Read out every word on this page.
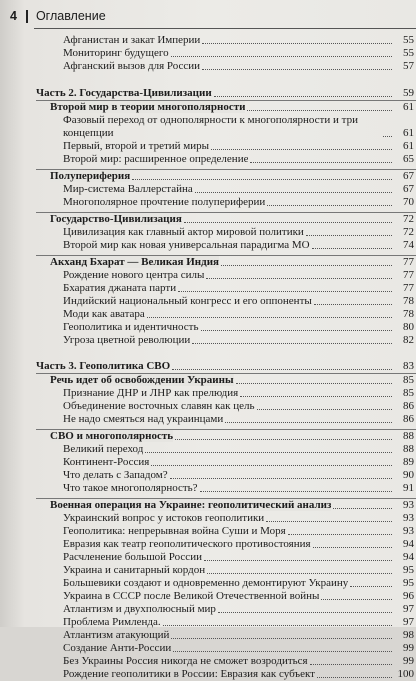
4 Оглавление
Афганистан и закат Империи	55
Мониторинг будущего	55
Афганский вызов для России	57
Часть 2. Государства-Цивилизации	59
Второй мир в теории многополярности	61
Фазовый переход от однополярности к многополярности и три концепции	61
Первый, второй и третий миры	61
Второй мир: расширенное определение	65
Полупериферия	67
Мир-система Валлерстайна	67
Многополярное прочтение полупериферии	70
Государство-Цивилизация	72
Цивилизация как главный актор мировой политики	72
Второй мир как новая универсальная парадигма МО	74
Акханд Бхарат — Великая Индия	77
Рождение нового центра силы	77
Бхаратия джаната парти	77
Индийский национальный конгресс и его оппоненты	78
Моди как аватара	78
Геополитика и идентичность	80
Угроза цветной революции	82
Часть 3. Геополитика СВО	83
Речь идет об освобождении Украины	85
Признание ДНР и ЛНР как прелюдия	85
Объединение восточных славян как цель	86
Не надо смеяться над украинцами	86
СВО и многополярность	88
Великий переход	88
Континент-Россия	89
Что делать с Западом?	90
Что такое многополярность?	91
Военная операция на Украине: геополитический анализ	93
Украинский вопрос у истоков геополитики	93
Геополитика: непрерывная война Суши и Моря	93
Евразия как театр геополитического противостояния	94
Расчленение большой России	94
Украина и санитарный кордон	95
Большевики создают и одновременно демонтируют Украину	95
Украина в СССР после Великой Отечественной войны	96
Атлантизм и двухполюсный мир	97
Проблема Римленда.	97
Атлантизм атакующий	98
Создание Анти-России	99
Без Украины Россия никогда не сможет возродиться	99
Рождение геополитики в России: Евразия как субъект	100
